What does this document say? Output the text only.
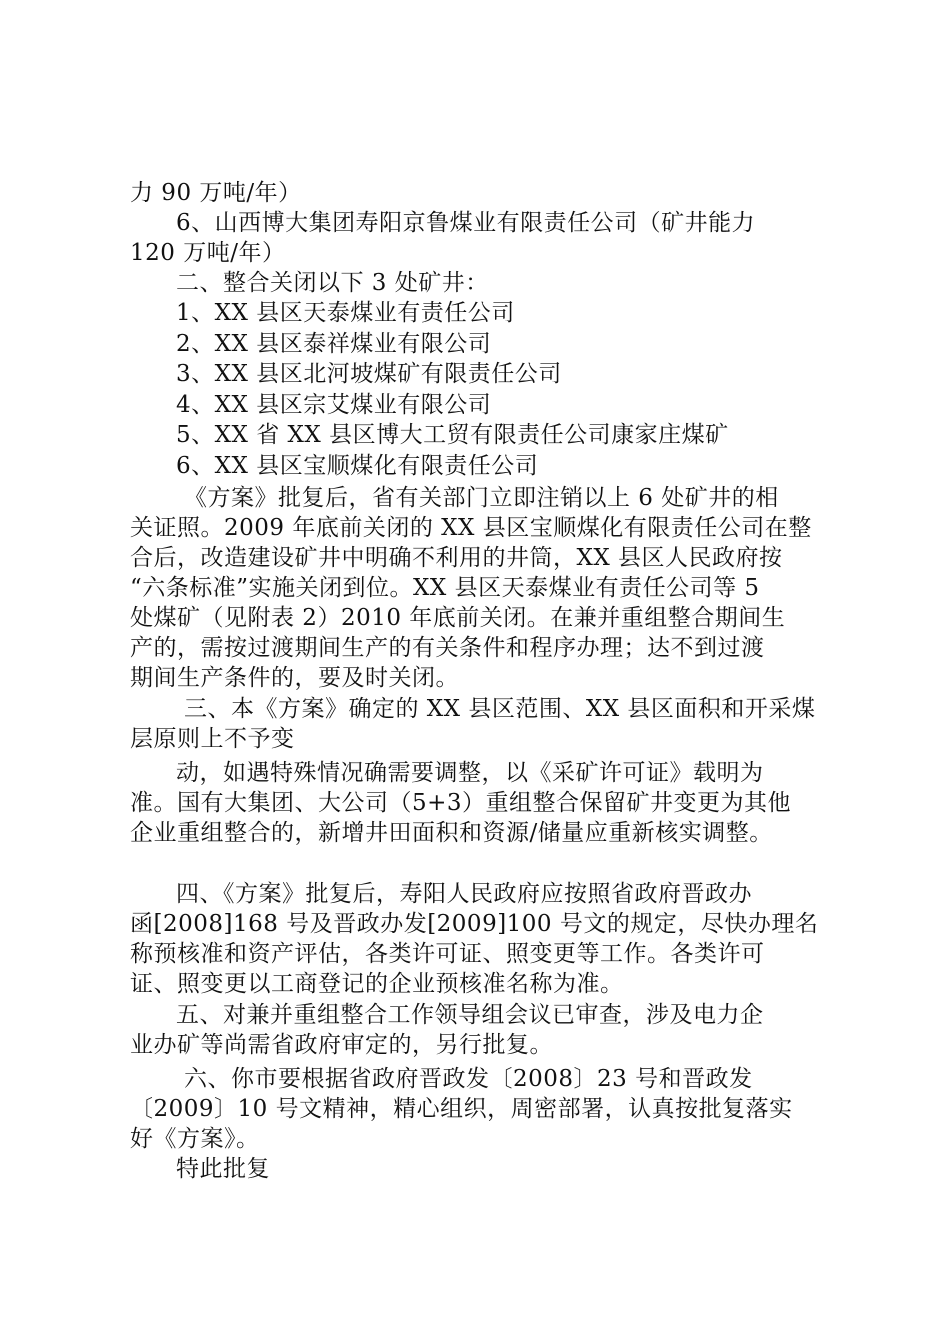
力 90 万吨/年）
6、山西博大集团寿阳京鲁煤业有限责任公司（矿井能力
120 万吨/年）
二、整合关闭以下 3 处矿井：
1、XX 县区天泰煤业有责任公司
2、XX 县区泰祥煤业有限公司
3、XX 县区北河坡煤矿有限责任公司
4、XX 县区宗艾煤业有限公司
5、XX 省 XX 县区博大工贸有限责任公司康家庄煤矿
6、XX 县区宝顺煤化有限责任公司
《方案》批复后，省有关部门立即注销以上 6 处矿井的相
关证照。2009 年底前关闭的 XX 县区宝顺煤化有限责任公司在整
合后，改造建设矿井中明确不利用的井筒，XX 县区人民政府按
“六条标准”实施关闭到位。XX 县区天泰煤业有责任公司等 5
处煤矿（见附表 2）2010 年底前关闭。在兼并重组整合期间生
产的，需按过渡期间生产的有关条件和程序办理；达不到过渡
期间生产条件的，要及时关闭。
三、本《方案》确定的 XX 县区范围、XX 县区面积和开采煤
层原则上不予变
动，如遇特殊情况确需要调整，以《采矿许可证》载明为
准。国有大集团、大公司（5+3）重组整合保留矿井变更为其他
企业重组整合的，新增井田面积和资源/储量应重新核实调整。
四、《方案》批复后，寿阳人民政府应按照省政府晋政办
函[2008]168 号及晋政办发[2009]100 号文的规定，尽快办理名
称预核准和资产评估，各类许可证、照变更等工作。各类许可
证、照变更以工商登记的企业预核准名称为准。
五、对兼并重组整合工作领导组会议已审查，涉及电力企
业办矿等尚需省政府审定的，另行批复。
六、你市要根据省政府晋政发〔2008〕23 号和晋政发
〔2009〕10 号文精神，精心组织，周密部署，认真按批复落实
好《方案》。
特此批复
